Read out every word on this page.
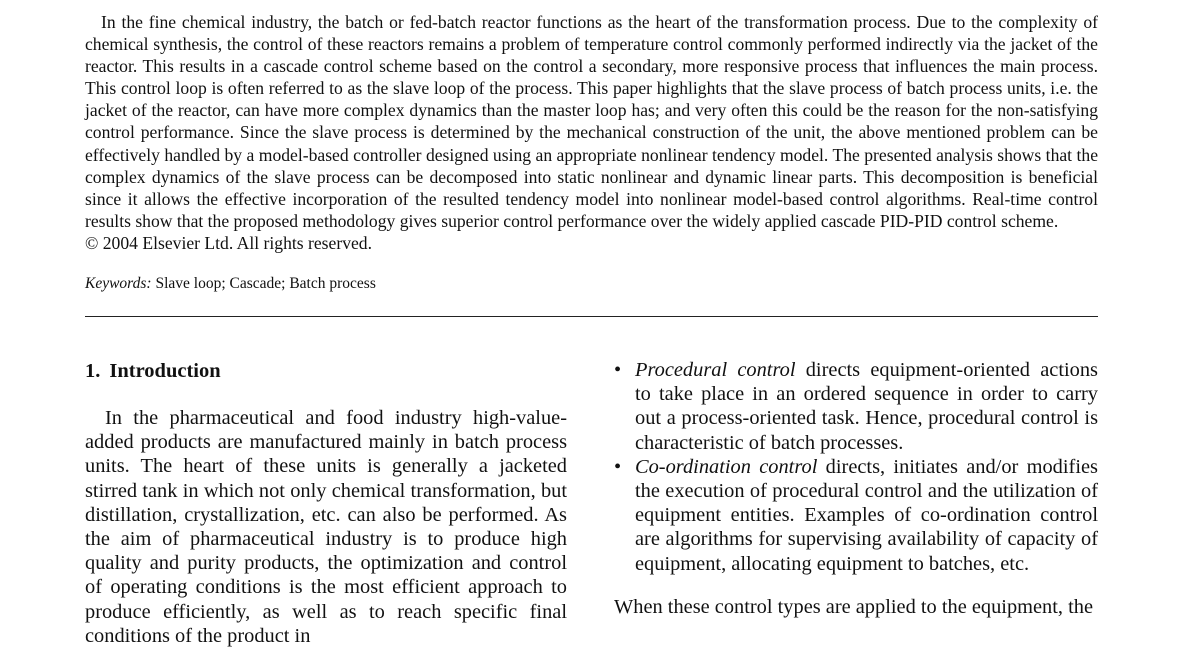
In the fine chemical industry, the batch or fed-batch reactor functions as the heart of the transformation process. Due to the complexity of chemical synthesis, the control of these reactors remains a problem of temperature control commonly performed indirectly via the jacket of the reactor. This results in a cascade control scheme based on the control a secondary, more responsive process that influences the main process. This control loop is often referred to as the slave loop of the process. This paper highlights that the slave process of batch process units, i.e. the jacket of the reactor, can have more complex dynamics than the master loop has; and very often this could be the reason for the non-satisfying control performance. Since the slave process is determined by the mechanical construction of the unit, the above mentioned problem can be effectively handled by a model-based controller designed using an appropriate nonlinear tendency model. The presented analysis shows that the complex dynamics of the slave process can be decomposed into static nonlinear and dynamic linear parts. This decomposition is beneficial since it allows the effective incorporation of the resulted tendency model into nonlinear model-based control algorithms. Real-time control results show that the proposed methodology gives superior control performance over the widely applied cascade PID-PID control scheme.

© 2004 Elsevier Ltd. All rights reserved.

Keywords: Slave loop; Cascade; Batch process

1. Introduction

In the pharmaceutical and food industry high-value-added products are manufactured mainly in batch process units. The heart of these units is generally a jacketed stirred tank in which not only chemical transformation, but distillation, crystallization, etc. can also be performed. As the aim of pharmaceutical industry is to produce high quality and purity products, the optimization and control of operating conditions is the most efficient approach to produce efficiently, as well as to reach specific final conditions of the product in

• Procedural control directs equipment-oriented actions to take place in an ordered sequence in order to carry out a process-oriented task. Hence, procedural control is characteristic of batch processes.
• Co-ordination control directs, initiates and/or modifies the execution of procedural control and the utilization of equipment entities. Examples of co-ordination control are algorithms for supervising availability of capacity of equipment, allocating equipment to batches, etc.

When these control types are applied to the equipment, the
